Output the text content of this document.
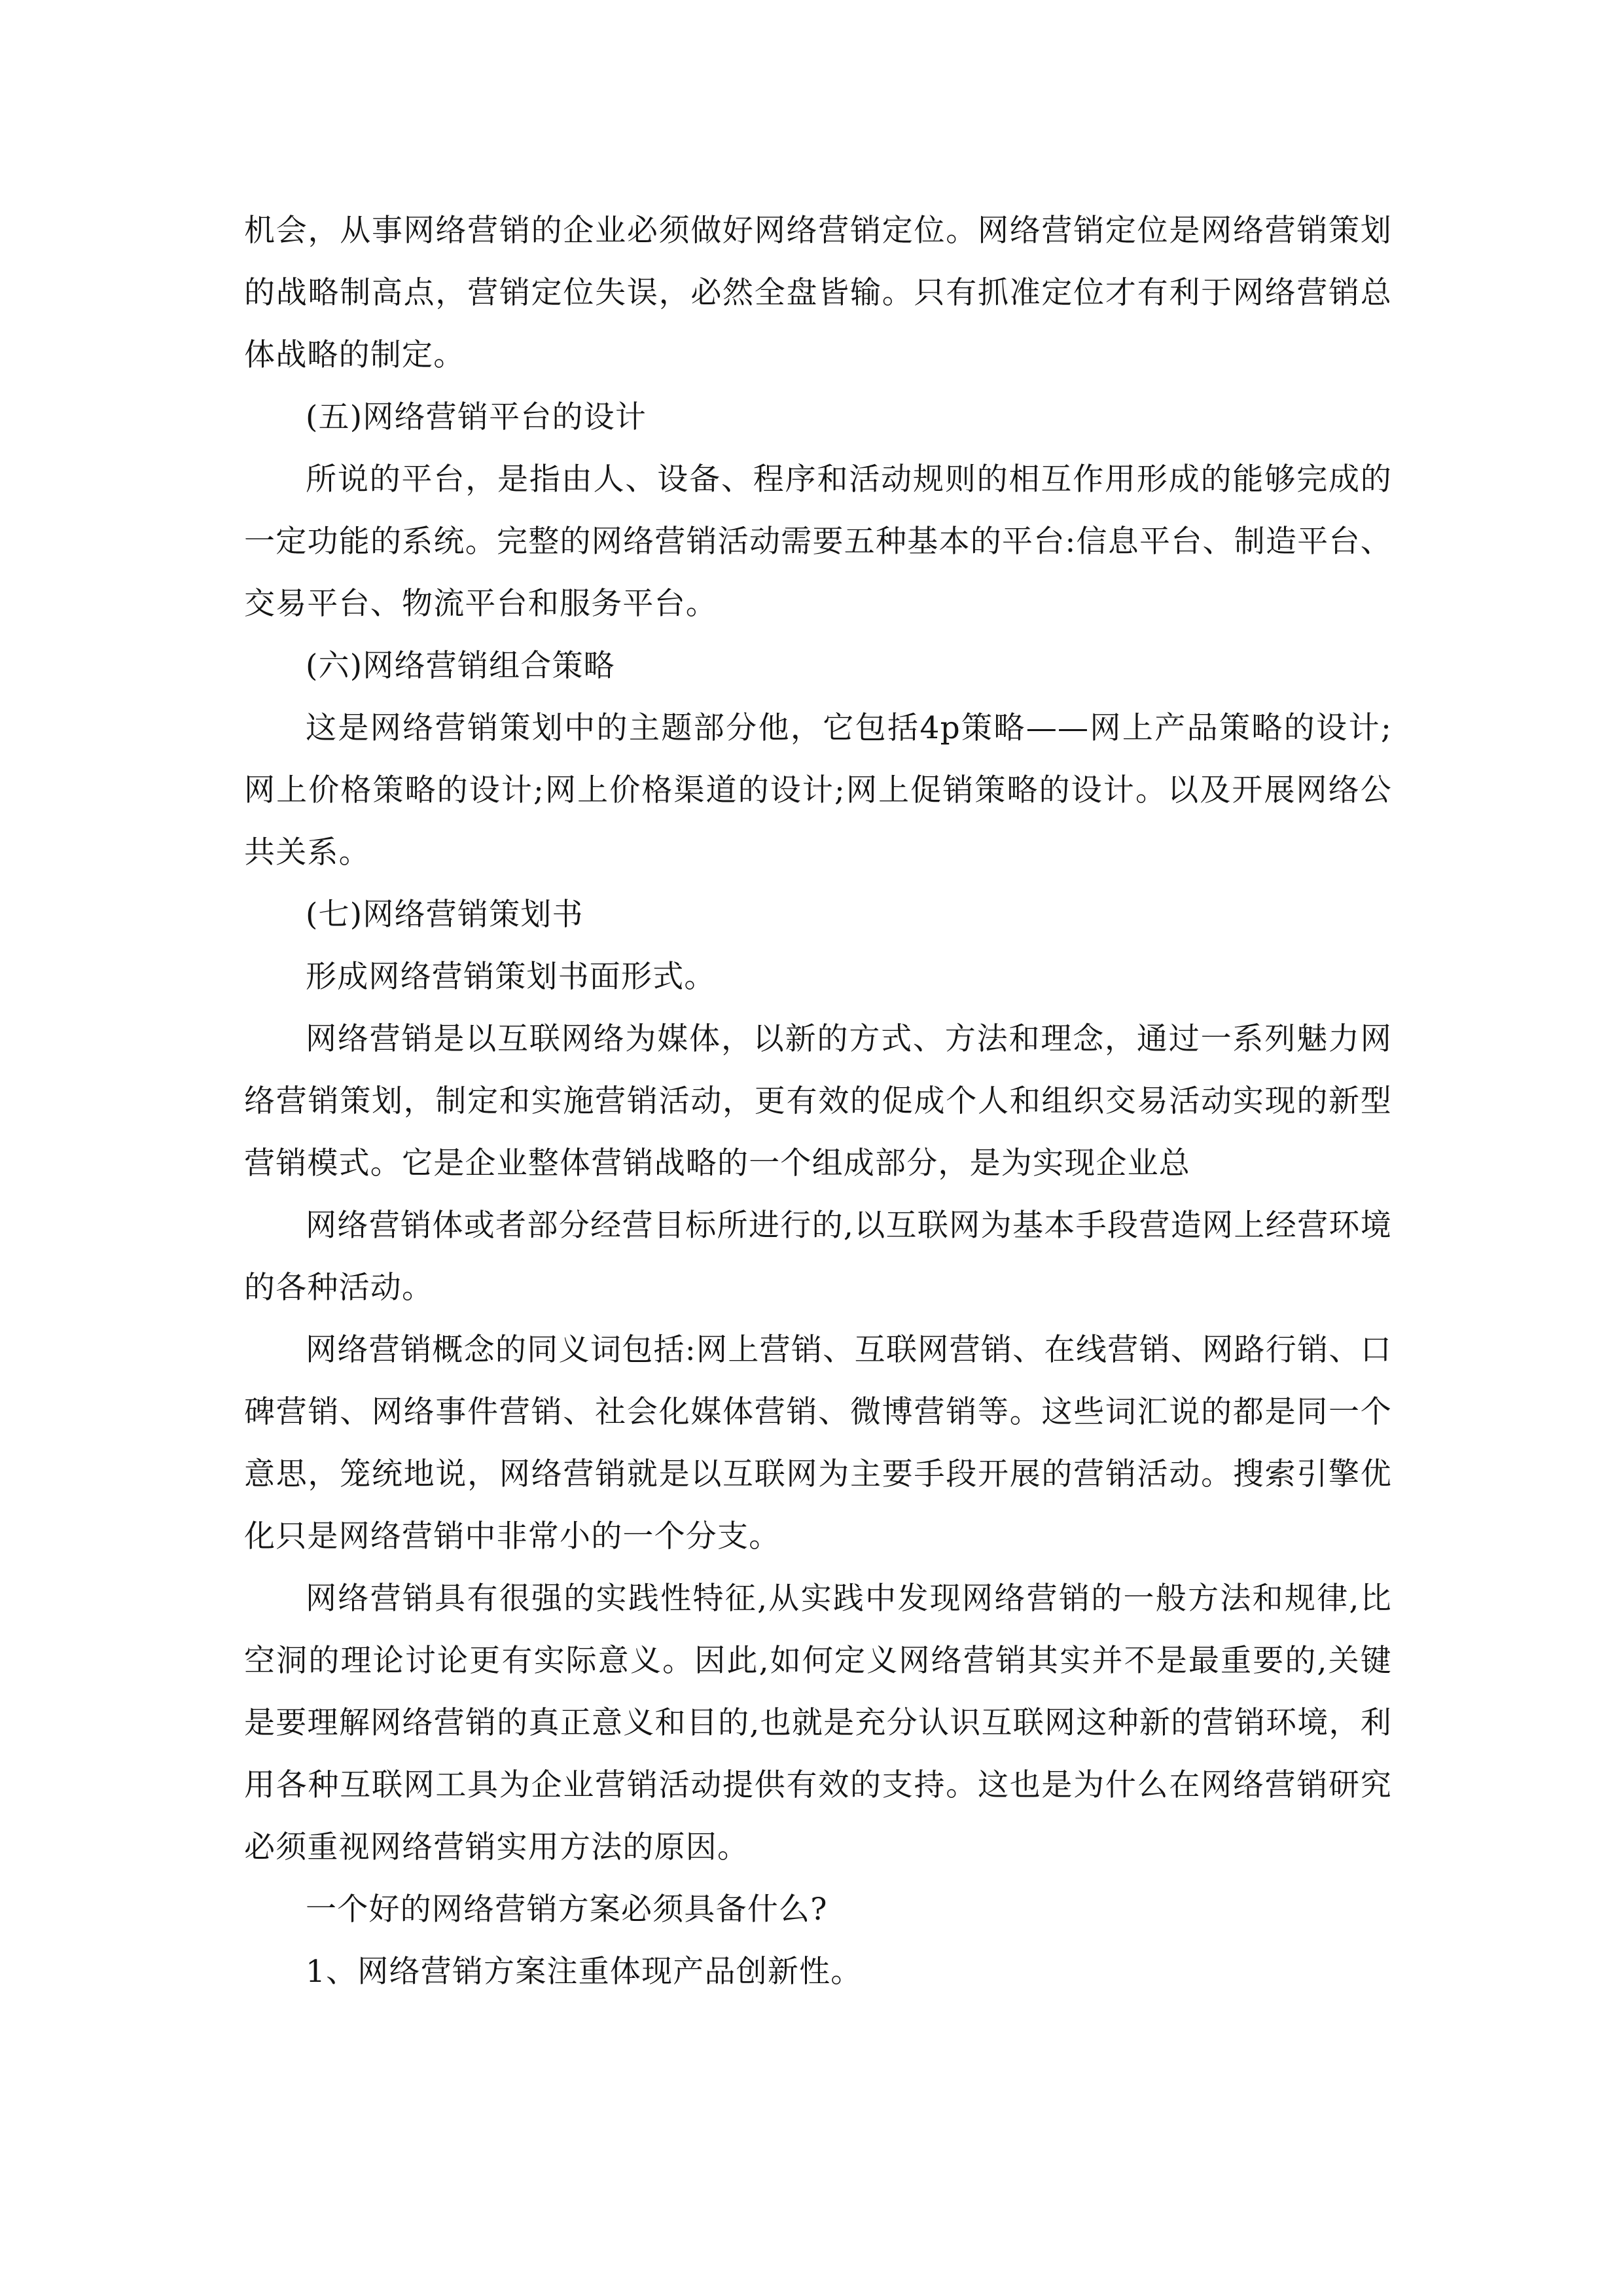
机会，从事网络营销的企业必须做好网络营销定位。网络营销定位是网络营销策划的战略制高点，营销定位失误，必然全盘皆输。只有抓准定位才有利于网络营销总体战略的制定。

(五)网络营销平台的设计

所说的平台，是指由人、设备、程序和活动规则的相互作用形成的能够完成的一定功能的系统。完整的网络营销活动需要五种基本的平台:信息平台、制造平台、交易平台、物流平台和服务平台。

(六)网络营销组合策略

这是网络营销策划中的主题部分他，它包括4p策略——网上产品策略的设计;网上价格策略的设计;网上价格渠道的设计;网上促销策略的设计。以及开展网络公共关系。

(七)网络营销策划书

形成网络营销策划书面形式。

网络营销是以互联网络为媒体，以新的方式、方法和理念，通过一系列魅力网络营销策划，制定和实施营销活动，更有效的促成个人和组织交易活动实现的新型营销模式。它是企业整体营销战略的一个组成部分，是为实现企业总

网络营销体或者部分经营目标所进行的,以互联网为基本手段营造网上经营环境的各种活动。

网络营销概念的同义词包括:网上营销、互联网营销、在线营销、网路行销、口碑营销、网络事件营销、社会化媒体营销、微博营销等。这些词汇说的都是同一个意思，笼统地说，网络营销就是以互联网为主要手段开展的营销活动。搜索引擎优化只是网络营销中非常小的一个分支。

网络营销具有很强的实践性特征,从实践中发现网络营销的一般方法和规律,比空洞的理论讨论更有实际意义。因此,如何定义网络营销其实并不是最重要的,关键是要理解网络营销的真正意义和目的,也就是充分认识互联网这种新的营销环境，利用各种互联网工具为企业营销活动提供有效的支持。这也是为什么在网络营销研究必须重视网络营销实用方法的原因。

一个好的网络营销方案必须具备什么?

1、网络营销方案注重体现产品创新性。
